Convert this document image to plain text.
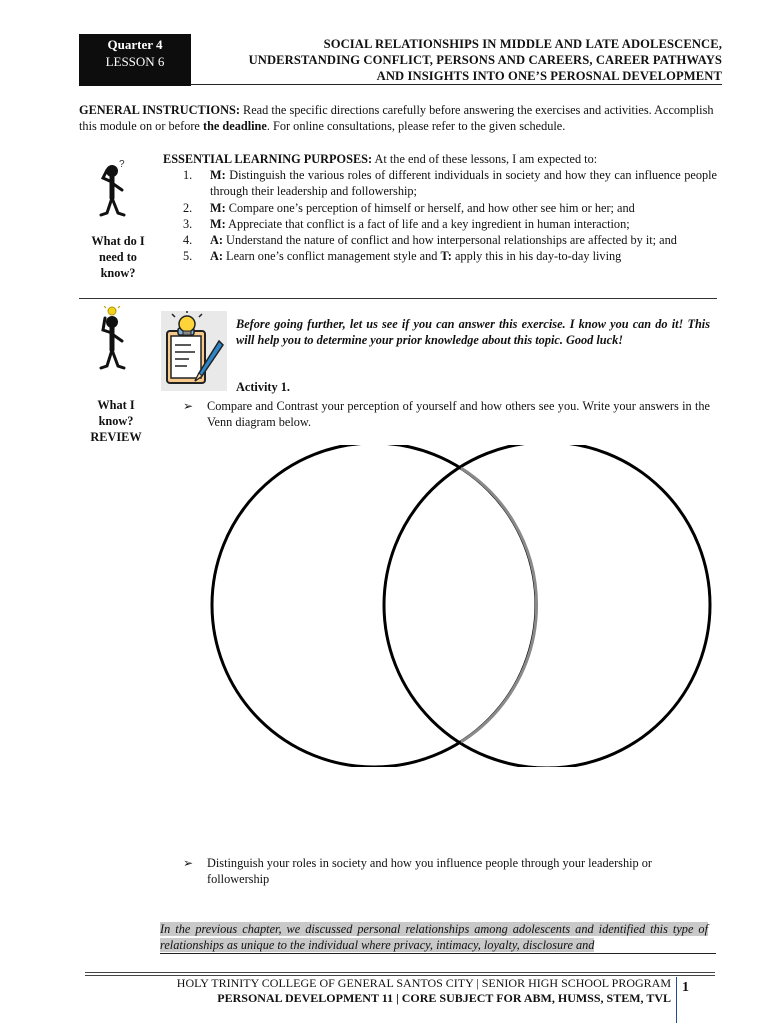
Quarter 4
LESSON 6
SOCIAL RELATIONSHIPS IN MIDDLE AND LATE ADOLESCENCE,
UNDERSTANDING CONFLICT, PERSONS AND CAREERS, CAREER PATHWAYS
AND INSIGHTS INTO ONE’S PEROSNAL DEVELOPMENT
GENERAL INSTRUCTIONS: Read the specific directions carefully before answering the exercises and activities. Accomplish this module on or before the deadline. For online consultations, please refer to the given schedule.
?
What do I
need to
know?
ESSENTIAL LEARNING PURPOSES: At the end of these lessons, I am expected to:
1.	M: Distinguish the various roles of different individuals in society and how they can influence people through their leadership and followership;
2.	M: Compare one’s perception of himself or herself, and how other see him or her; and
3.	M: Appreciate that conflict is a fact of life and a key ingredient in human interaction;
4.	A: Understand the nature of conflict and how interpersonal relationships are affected by it; and
5.	A: Learn one’s conflict management style and T: apply this in his day-to-day living
What I
know?
REVIEW
Before going further, let us see if you can answer this exercise. I know you can do it! This will help you to determine your prior knowledge about this topic. Good luck!
Activity 1.
➢	Compare and Contrast your perception of yourself and how others see you. Write your answers in the Venn diagram below.
➢	Distinguish your roles in society and how you influence people through your leadership or followership
In the previous chapter, we discussed personal relationships among adolescents and identified this type of relationships as unique to the individual where privacy, intimacy, loyalty, disclosure and
HOLY TRINITY COLLEGE OF GENERAL SANTOS CITY | SENIOR HIGH SCHOOL PROGRAM
PERSONAL DEVELOPMENT 11 | CORE SUBJECT FOR ABM, HUMSS, STEM, TVL
1
